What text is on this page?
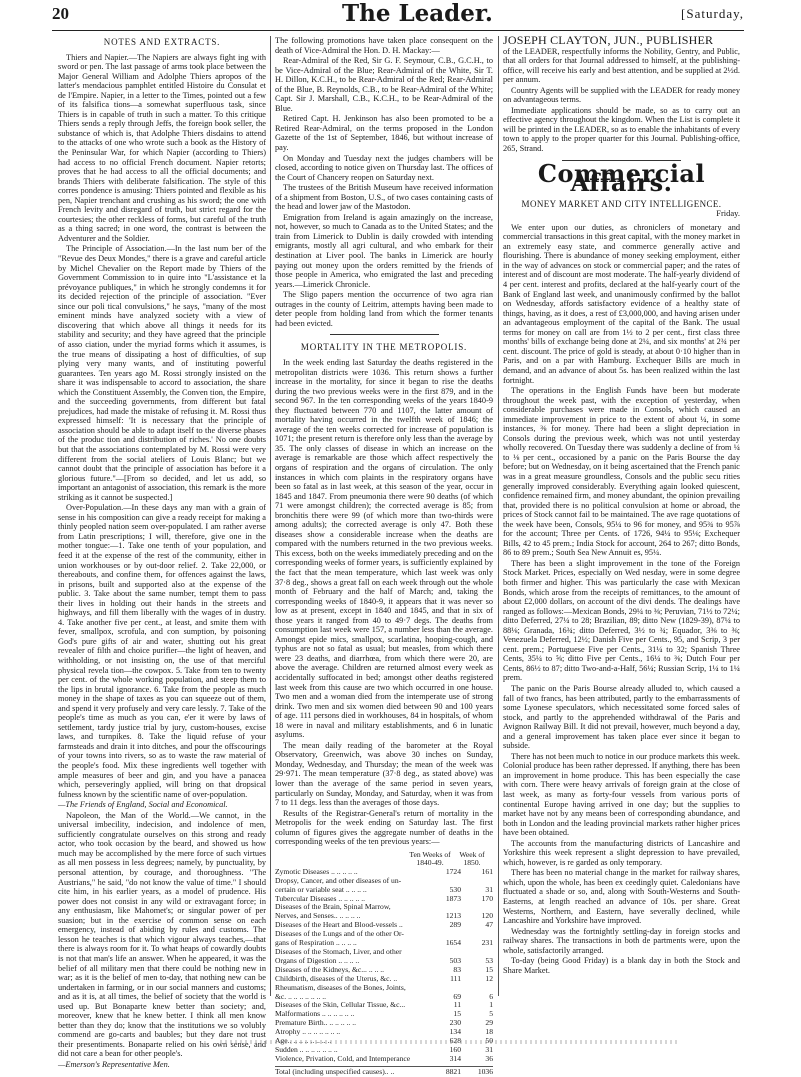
20	The Leader.	[Saturday,
NOTES AND EXTRACTS.

Thiers and Napier.—The Napiers are always fight ing with sword or pen. The last passage of arms took place between the Major General William and Adolphe Thiers apropos of the latter's mendacious pamphlet entitled Histoire du Consulat et de l'Empire. Napier, in a letter to the Times, pointed out a few of its falsifica tions—a somewhat superfluous task, since Thiers is in capable of truth in such a matter. To this critique Thiers sends a reply through Jeffs, the foreign book seller, the substance of which is, that Adolphe Thiers disdains to attend to the attacks of one who wrote such a book as the History of the Peninsular War, for which Napier (according to Thiers) had access to no official French document. Napier retorts; proves that he had access to all the official documents; and brands Thiers with deliberate falsification. The style of this corres pondence is amusing: Thiers pointed and flexible as his pen, Napier trenchant and crushing as his sword; the one with French levity and disregard of truth, but strict regard for the courtesies; the other reckless of forms, but careful of the truth as a thing sacred; in one word, the contrast is between the Adventurer and the Soldier.

The Principle of Association.—In the last num ber of the "Revue des Deux Mondes," there is a grave and careful article by Michel Chevalier on the Report made by Thiers of the Government Commission to in quire into "L'assistance et la prévoyance publiques," in which he strongly condemns it for its decided rejection of the principle of association. "Ever since our poli tical convulsions," he says, "many of the most eminent minds have analyzed society with a view of discovering that which above all things it needs for its stability and security; and they have agreed that the principle of asso ciation, under the myriad forms which it assumes, is the true means of dissipating a host of difficulties, of sup plying very many wants, and of instituting powerful guarantees. Ten years ago M. Rossi strongly insisted on the share it was indispensable to accord to association, the share which the Constituent Assembly, the Conven tion, the Empire, and the succeeding governments, from different but fatal prejudices, had made the mistake of refusing it. M. Rossi thus expressed himself: 'It is necessary that the principle of association should be able to adapt itself to the diverse phases of the produc tion and distribution of riches.' No one doubts but that the associations contemplated by M. Rossi were very different from the social ateliers of Louis Blanc; but we cannot doubt that the principle of association has before it a glorious future."—[From so decided, and let us add, so important an antagonist of association, this remark is the more striking as it cannot be suspected.]

Over-Population.—In these days any man with a grain of sense in his composition can give a ready receipt for making a thinly peopled nation seem over-populated. I am rather averse from Latin prescriptions; I will, therefore, give one in the mother tongue:—1. Take one tenth of your population, and feed it at the expense of the rest of the community, either in union workhouses or by out-door relief. 2. Take 22,000, or thereabouts, and confine them, for offences against the laws, in prisons, built and supported also at the expense of the public. 3. Take about the same number, tempt them to pass their lives in holding out their hands in the streets and highways, and fill them liberally with the wages of in dustry. 4. Take another five per cent., at least, and smite them with fever, smallpox, scrofula, and con sumption, by poisoning God's pure gifts of air and water, shutting out his great revealer of filth and choice purifier—the light of heaven, and withholding, or not insisting on, the use of that merciful physical revela tion—the cowpox. 5. Take from ten to twenty per cent. of the whole working population, and steep them to the lips in brutal ignorance. 6. Take from the people as much money in the shape of taxes as you can squeeze out of them, and spend it very profusely and very care lessly. 7. Take of the people's time as much as you can, e'er it were by laws of settlement, tardy justice trial by jury, custom-houses, excise laws, and turnpikes. 8. Take the liquid refuse of your farmsteads and drain it into ditches, and pour the offscourings of your towns into rivers, so as to waste the raw material of the people's food. Mix these ingredients well together with ample measures of beer and gin, and you have a panacea which, perseveringly applied, will bring on that dropsical fulness known by the scientific name of over-population.

—The Friends of England, Social and Economical.

Napoleon, the Man of the World.—We cannot, in the universal imbecility, indecision, and indolence of men, sufficiently congratulate ourselves on this strong and ready actor, who took occasion by the beard, and showed us how much may be accomplished by the mere force of such virtues as all men possess in less degrees; namely, by punctuality, by personal attention, by courage, and thoroughness. "The Austrians," he said, "do not know the value of time." I should cite him, in his earlier years, as a model of prudence. His power does not consist in any wild or extravagant force; in any enthusiasm, like Mahomet's; or singular power of per suasion; but in the exercise of common sense on each emergency, instead of abiding by rules and customs. The lesson he teaches is that which vigour always teaches,—that there is always room for it. To what heaps of cowardly doubts is not that man's life an answer. When he appeared, it was the belief of all military men that there could be nothing new in war; as it is the belief of men to-day, that nothing new can be undertaken in farming, or in our social manners and customs; and as it is, at all times, the belief of society that the world is used up. But Bonaparte knew better than society; and, moreover, knew that he knew better. I think all men know better than they do; know that the institutions we so volubly commend are go-carts and baubles; but they dare not trust their presentiments. Bonaparte relied on his own sense, and did not care a bean for other people's.

—Emerson's Representative Men.

The following promotions have taken place consequent on the death of Vice-Admiral the Hon. D. H. Mackay:—

Rear-Admiral of the Red, Sir G. F. Seymour, C.B., G.C.H., to be Vice-Admiral of the Blue; Rear-Admiral of the White, Sir T. H. Dillon, K.C.H., to be Rear-Admiral of the Red; Rear-Admiral of the Blue, B. Reynolds, C.B., to be Rear-Admiral of the White; Capt. Sir J. Marshall, C.B., K.C.H., to be Rear-Admiral of the Blue.

Retired Capt. H. Jenkinson has also been promoted to be a Retired Rear-Admiral, on the terms proposed in the London Gazette of the 1st of September, 1846, but without increase of pay.

On Monday and Tuesday next the judges chambers will be closed, according to notice given on Thursday last. The offices of the Court of Chancery reopen on Saturday next.

The trustees of the British Museum have received information of a shipment from Boston, U.S., of two cases containing casts of the head and lower jaw of the Mastodon.

Emigration from Ireland is again amazingly on the increase, not, however, so much to Canada as to the United States; and the train from Limerick to Dublin is daily crowded with intending emigrants, mostly all agri cultural, and who embark for their destination at Liver pool. The banks in Limerick are hourly paying out money upon the orders remitted by the friends of those people in America, who emigrated the last and preceding years.—Limerick Chronicle.

The Sligo papers mention the occurrence of two agra rian outrages in the county of Leitrim, attempts having been made to deter people from holding land from which the former tenants had been evicted.

MORTALITY IN THE METROPOLIS.

In the week ending last Saturday the deaths registered in the metropolitan districts were 1036. This return shows a further increase in the mortality, for since it began to rise the deaths during the two previous weeks were in the first 879, and in the second 967. In the ten corresponding weeks of the years 1840-9 they fluctuated between 770 and 1107, the latter amount of mortality having occurred in the twelfth week of 1846; the average of the ten weeks corrected for increase of population is 1071; the present return is therefore only less than the average by 35. The only classes of disease in which an increase on the average is remarkable are those which affect respectively the organs of respiration and the organs of circulation. The only instances in which com plaints in the respiratory organs have been so fatal as in last week, at this season of the year, occur in 1845 and 1847. From pneumonia there were 90 deaths (of which 71 were amongst children); the corrected average is 85; from bronchitis there were 99 (of which more than two-thirds were among adults); the corrected average is only 47. Both these diseases show a considerable increase when the deaths are compared with the numbers returned in the two previous weeks. This excess, both on the weeks immediately preceding and on the corresponding weeks of former years, is sufficiently explained by the fact that the mean temperature, which last week was only 37·8 deg., shows a great fall on each week through out the whole month of February and the half of March; and, taking the corresponding weeks of 1840-9, it appears that it was never so low as at present, except in 1840 and 1845, and that in six of those years it ranged from 40 to 49·7 degs. The deaths from consumption last week were 157, a number less than the average. Amongst epide mics, smallpox, scarlatina, hooping-cough, and typhus are not so fatal as usual; but measles, from which there were 23 deaths, and diarrhœa, from which there were 20, are above the average. Children are returned almost every week as accidentally suffocated in bed; amongst other deaths registered last week from this cause are two which occurred in one house. Two men and a woman died from the intemperate use of strong drink. Two men and six women died between 90 and 100 years of age. 111 persons died in workhouses, 84 in hospitals, of whom 18 were in naval and military establishments, and 6 in lunatic asylums.

The mean daily reading of the barometer at the Royal Observatory, Greenwich, was above 30 inches on Sunday, Monday, Wednesday, and Thursday; the mean of the week was 29·971. The mean temperature (37·8 deg., as stated above) was lower than the average of the same period in seven years, particularly on Sunday, Monday, and Saturday, when it was from 7 to 11 degs. less than the averages of those days.

Results of the Registrar-General's return of mortality in the Metropolis for the week ending on Saturday last. The first column of figures gives the aggregate number of deaths in the corresponding weeks of the ten previous years:—

Ten Weeks of 1840-49.
Week of 1850.
Zymotic Diseases .. .. .. .. ..	1724	161
Dropsy, Cancer, and other diseases of un-
certain or variable seat .. .. .. ..	530	31
Tubercular Diseases .. .. .. .. ..	1873	170
Diseases of the Brain, Spinal Marrow,
Nerves, and Senses.. .. .. .. ..	1213	120
Diseases of the Heart and Blood-vessels ..	289	47
Diseases of the Lungs and of the other Or-
gans of Respiration .. .. .. ..	1654	231
Diseases of the Stomach, Liver, and other
Organs of Digestion .. .. .. ..	503	53
Diseases of the Kidneys, &c... .. .. ..	83	15
Childbirth, diseases of the Uterus, &c. ..	111	12
Rheumatism, diseases of the Bones, Joints,
&c. .. .. .. .. .. .. ..	69	6
Diseases of the Skin, Cellular Tissue, &c...	11	1
Malformations .. .. .. .. .. ..	15	5
Premature Birth.. .. .. .. .. ..	230	29
Atrophy .. .. .. .. .. .. ..	134	18
Age.. .. .. .. .. .. .. ..	628	50
Sudden .. .. .. .. .. .. ..	160	31
Violence, Privation, Cold, and Intemperance	314	36
Total (including unspecified causes).. ..	8821	1036

JOSEPH CLAYTON, JUN., PUBLISHER

of the LEADER, respectfully informs the Nobility, Gentry, and Public, that all orders for that Journal addressed to himself, at the publishing-office, will receive his early and best attention, and be supplied at 2½d. per annum.

Country Agents will be supplied with the LEADER for ready money on advantageous terms.

Immediate applications should be made, so as to carry out an effective agency throughout the kingdom. When the List is complete it will be printed in the LEADER, so as to enable the inhabitants of every town to apply to the proper quarter for this Journal. Publishing-office, 265, Strand.

Commercial Affairs.
MONEY MARKET AND CITY INTELLIGENCE.
Friday.

We enter upon our duties, as chroniclers of monetary and commercial transactions in this great capital, with the money market in an extremely easy state, and commerce generally active and flourishing. There is abundance of money seeking employment, either in the way of advances on stock or commercial paper; and the rates of interest and of discount are most moderate. The half-yearly dividend of 4 per cent. interest and profits, declared at the half-yearly court of the Bank of England last week, and unanimously confirmed by the ballot on Wednesday, affords satisfactory evidence of a healthy state of things, having, as it does, a rest of £3,000,000, and having arisen under an advantageous employment of the capital of the Bank. The usual terms for money on call are from 1½ to 2 per cent., first class three months' bills of exchange being done at 2¼, and six months' at 2¾ per cent. discount. The price of gold is steady, at about 0·10 higher than in Paris, and on a par with Hamburg. Exchequer Bills are much in demand, and an advance of about 5s. has been realized within the last fortnight.

The operations in the English Funds have been but moderate throughout the week past, with the exception of yesterday, when considerable purchases were made in Consols, which caused an immediate improvement in price to the extent of about ¼, in some instances, ⅜ for money. There had been a slight depreciation in Consols during the previous week, which was not until yesterday wholly recovered. On Tuesday there was suddenly a decline of from ¼ to ⅛ per cent., occasioned by a panic on the Paris Bourse the day before; but on Wednesday, on it being ascertained that the French panic was in a great measure groundless, Consols and the public secu rities generally improved considerably. Everything again looked quiescent, confidence remained firm, and money abundant, the opinion prevailing that, provided there is no political convulsion at home or abroad, the prices of Stock cannot fail to be maintained. The ave rage quotations of the week have been, Consols, 95¼ to 96 for money, and 95¾ to 95⅞ for the account; Three per Cents. of 1726, 94¼ to 95⅛; Exchequer Bills, 42 to 45 prem.; India Stock for account, 264 to 267; ditto Bonds, 86 to 89 prem.; South Sea New Annuit es, 95¼.

There has been a slight improvement in the tone of the Foreign Stock Market. Prices, especially on Wed nesday, were in some degree both firmer and higher. This was particularly the case with Mexican Bonds, which arose from the receipts of remittances, to the amount of about £2,000 dollars, on account of the divi dends. The dealings have ranged as follows:—Mexican Bonds, 29¼ to ⅜; Peruvian, 71½ to 72¼; ditto Deferred, 27¼ to 28; Brazilian, 89; ditto New (1829-39), 87¼ to 88⅛; Granada, 16¾; ditto Deferred, 3½ to ¾; Equador, 3⅜ to ⅜; Venezuela Deferred, 12½; Danish Five per Cents., 95, and Scrip, 3 per cent. prem.; Portuguese Five per Cents., 31¼ to 32; Spanish Three Cents, 35¼ to ⅝; ditto Five per Cents., 16¼ to ⅜; Dutch Four per Cents, 86½ to 87; ditto Two-and-a-Half, 56¼; Russian Scrip, 1¼ to 1¼ prem.

The panic on the Paris Bourse already alluded to, which caused a fall of two francs, has been attributed, partly to the embarrassments of some Lyonese speculators, which necessitated some forced sales of stock, and partly to the apprehended withdrawal of the Paris and Avignon Railway Bill. It did not prevail, however, much beyond a day, and a general improvement has taken place ever since it began to subside.

There has not been much to notice in our produce markets this week. Colonial produce has been rather depressed. If anything, there has been an improvement in home produce. This has been especially the case with corn. There were heavy arrivals of foreign grain at the close of last week, as many as forty-four vessels from various ports of continental Europe having arrived in one day; but the supplies to market have not by any means been of corresponding abundance, and both in London and the leading provincial markets rather higher prices have been obtained.

The accounts from the manufacturing districts of Lancashire and Yorkshire this week represent a slight depression to have prevailed, which, however, is re garded as only temporary.

There has been no material change in the market for railway shares, which, upon the whole, has been ex ceedingly quiet. Caledonians have fluctuated a shade or so, and, along with South-Westerns and South-Easterns, at length reached an advance of 10s. per share. Great Westerns, Northern, and Eastern, have severally declined, while Lancashire and Yorkshire have improved.

Wednesday was the fortnightly settling-day in foreign stocks and railway shares. The transactions in both de partments were, upon the whole, satisfactorily arranged.

To-day (being Good Friday) is a blank day in both the Stock and Share Market.
